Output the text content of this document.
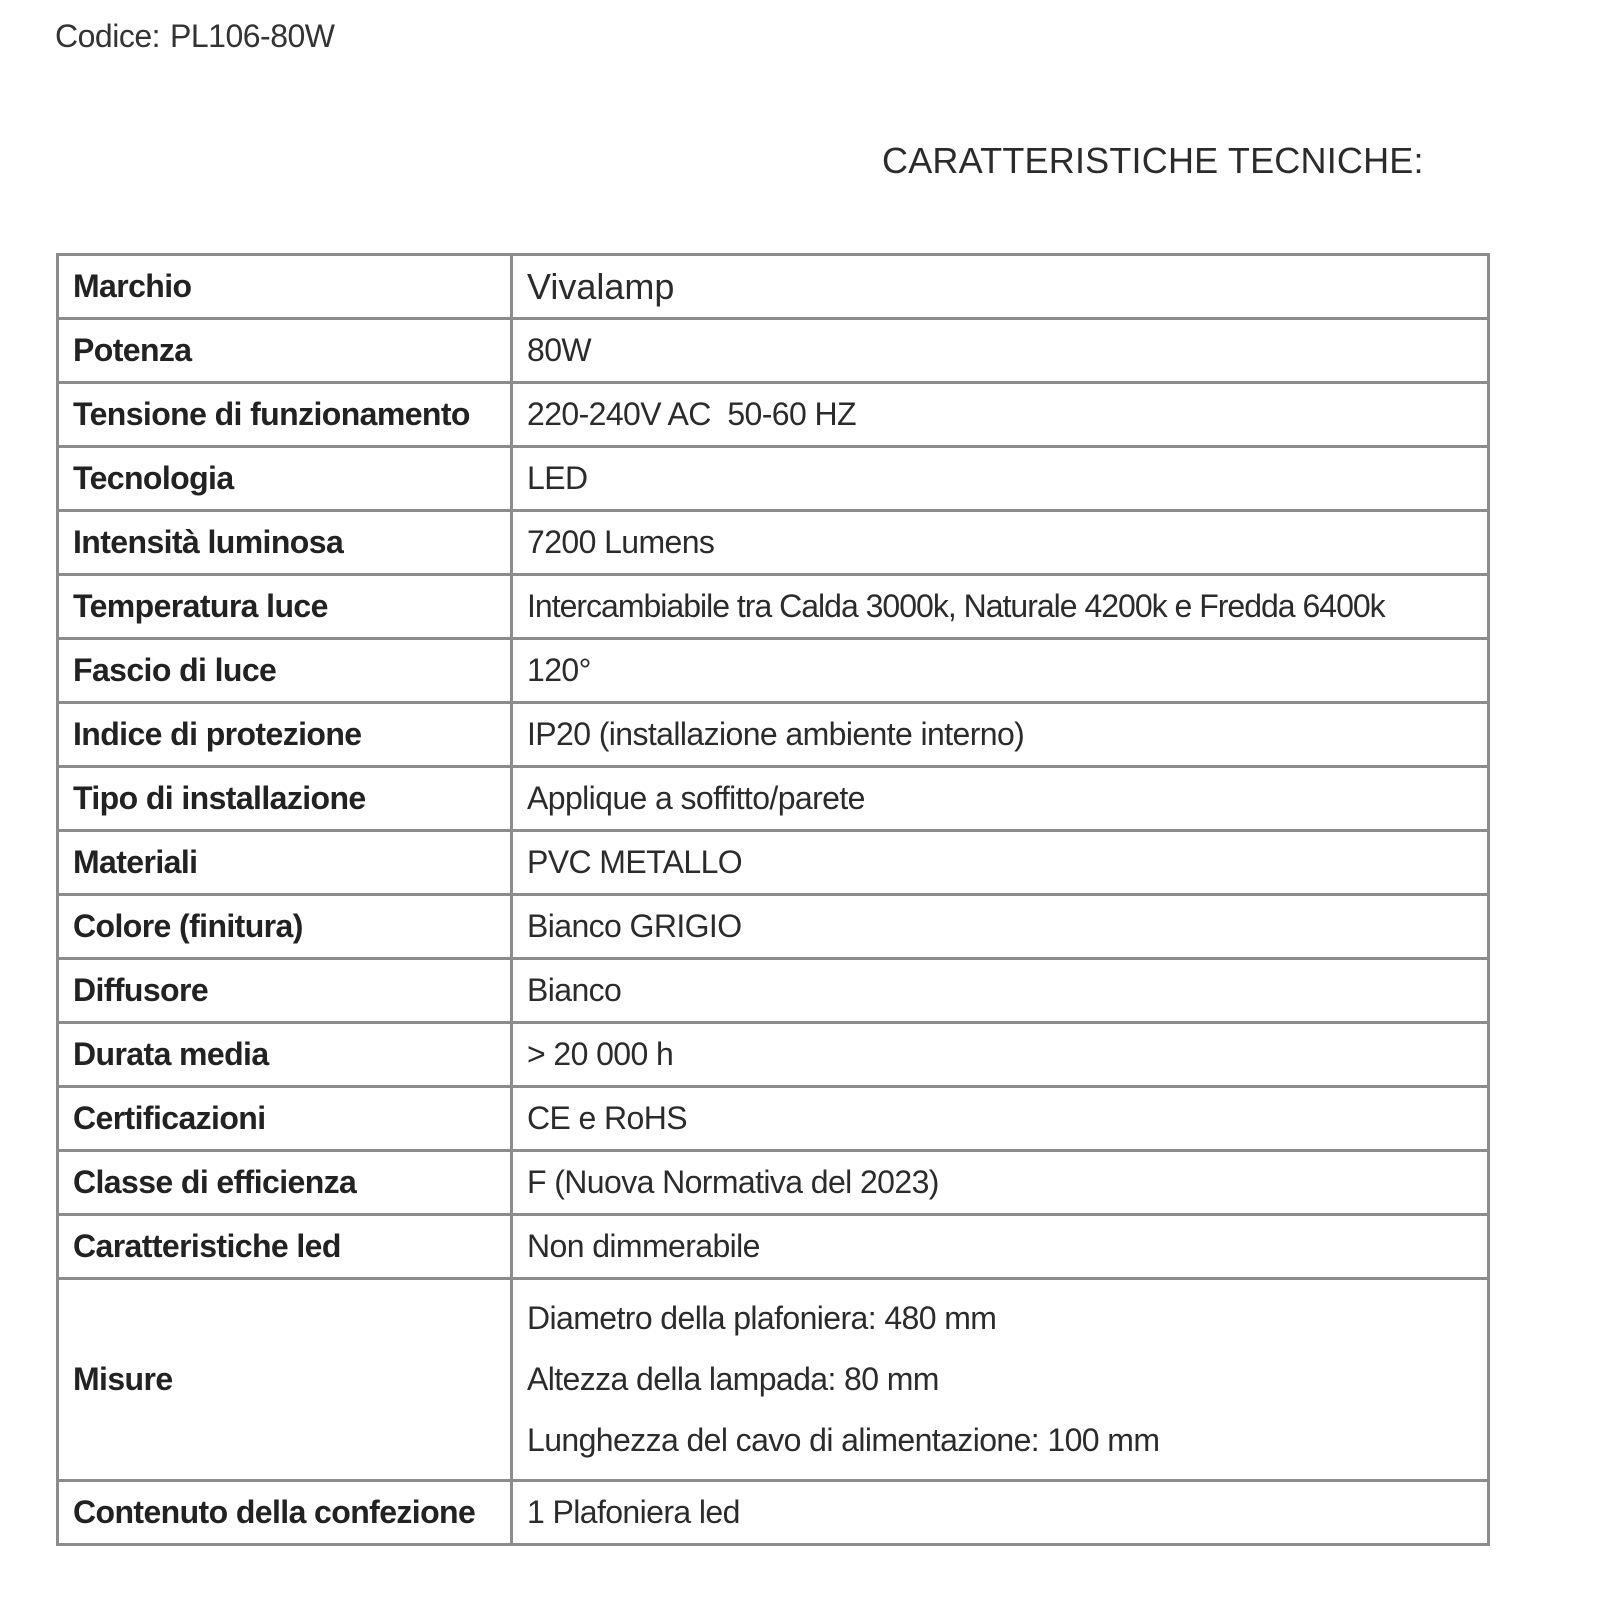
Codice: PL106-80W
CARATTERISTICHE TECNICHE:
Marchio	Vivalamp
Potenza	80W
Tensione di funzionamento	220-240V AC  50-60 HZ
Tecnologia	LED
Intensità luminosa	7200 Lumens
Temperatura luce	Intercambiabile tra Calda 3000k, Naturale 4200k e Fredda 6400k
Fascio di luce	120°
Indice di protezione	IP20 (installazione ambiente interno)
Tipo di installazione	Applique a soffitto/parete
Materiali	PVC METALLO
Colore (finitura)	Bianco GRIGIO
Diffusore	Bianco
Durata media	> 20 000 h
Certificazioni	CE e RoHS
Classe di efficienza	F (Nuova Normativa del 2023)
Caratteristiche led	Non dimmerabile
Misure	Diametro della plafoniera: 480 mm
Altezza della lampada: 80 mm
Lunghezza del cavo di alimentazione: 100 mm

Contenuto della confezione	1 Plafoniera led
